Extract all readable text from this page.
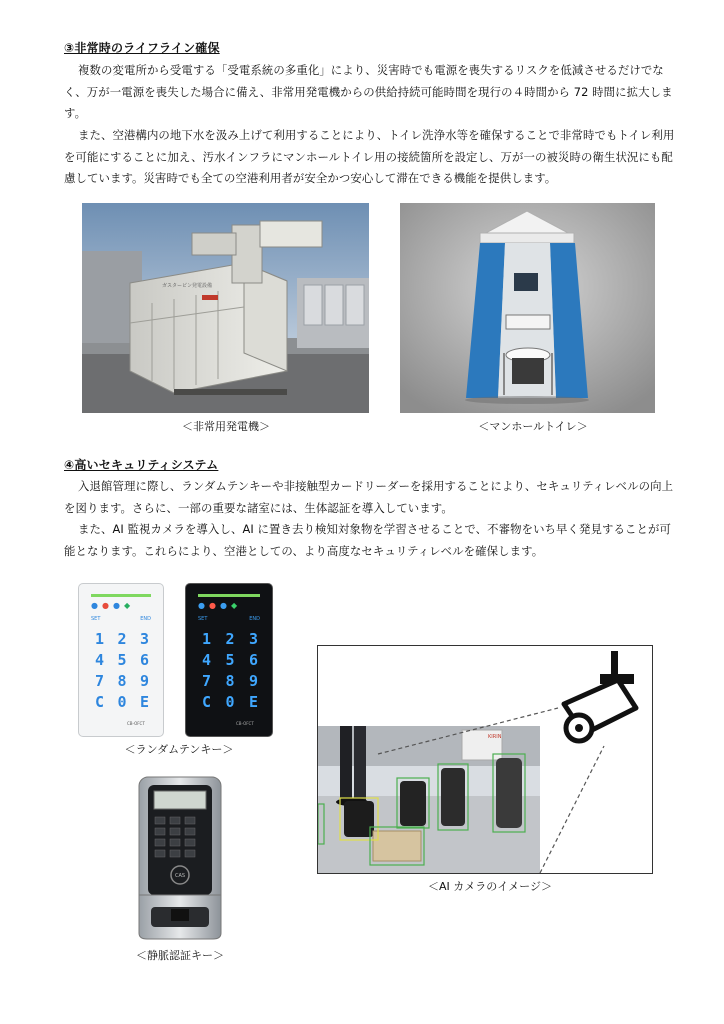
③非常時のライフライン確保

複数の変電所から受電する「受電系統の多重化」により、災害時でも電源を喪失するリスクを低減させるだけでなく、万が一電源を喪失した場合に備え、非常用発電機からの供給持続可能時間を現行の４時間から 72 時間に拡大します。

また、空港構内の地下水を汲み上げて利用することにより、トイレ洗浄水等を確保することで非常時でもトイレ利用を可能にすることに加え、汚水インフラにマンホールトイレ用の接続箇所を設定し、万が一の被災時の衛生状況にも配慮しています。災害時でも全ての空港利用者が安全かつ安心して滞在できる機能を提供します。

ガスタービン発電設備

＜非常用発電機＞	＜マンホールトイレ＞

④高いセキュリティシステム

入退館管理に際し、ランダムテンキーや非接触型カードリーダーを採用することにより、セキュリティレベルの向上を図ります。さらに、一部の重要な諸室には、生体認証を導入しています。

また、AI 監視カメラを導入し、AI に置き去り検知対象物を学習させることで、不審物をいち早く発見することが可能となります。これらにより、空港としての、より高度なセキュリティレベルを確保します。

●●●◆
SET	END
1 2 3
4 5 6
7 8 9
C 0 E
CB-OFCT
●●●◆
SET	END
1 2 3
4 5 6
7 8 9
C 0 E
CB-OFCT

＜ランダムテンキー＞

CAS

＜静脈認証キー＞

KIRIN

＜AI カメラのイメージ＞
